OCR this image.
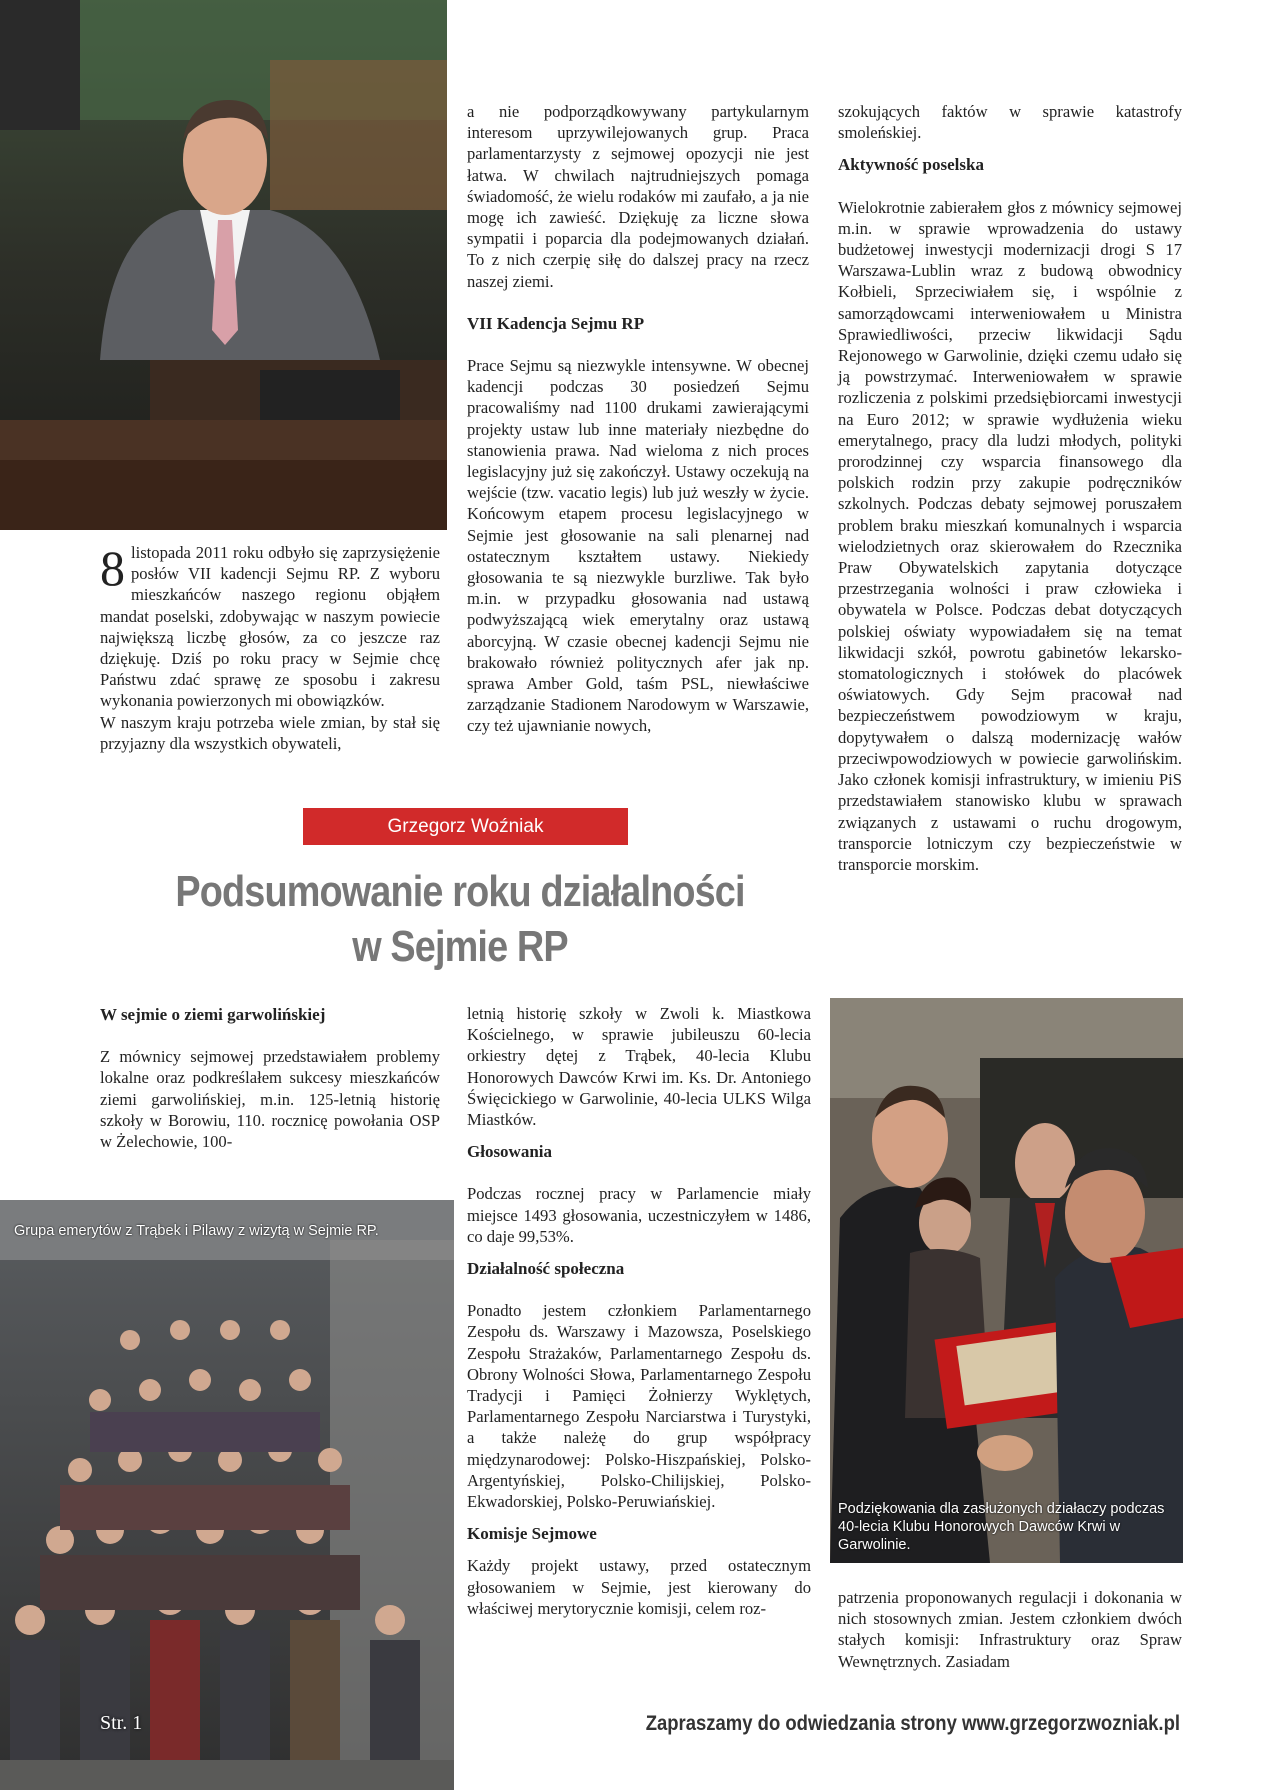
8 listopada 2011 roku odbyło się zaprzysiężenie posłów VII kadencji Sejmu RP. Z wyboru mieszkańców naszego regionu objąłem mandat poselski, zdobywając w naszym powiecie największą liczbę głosów, za co jeszcze raz dziękuję. Dziś po roku pracy w Sejmie chcę Państwu zdać sprawę ze sposobu i zakresu wykonania powierzonych mi obowiązków.

W naszym kraju potrzeba wiele zmian, by stał się przyjazny dla wszystkich obywateli,

a nie podporządkowywany partykularnym interesom uprzywilejowanych grup. Praca parlamentarzysty z sejmowej opozycji nie jest łatwa. W chwilach najtrudniejszych pomaga świadomość, że wielu rodaków mi zaufało, a ja nie mogę ich zawieść. Dziękuję za liczne słowa sympatii i poparcia dla podejmowanych działań. To z nich czerpię siłę do dalszej pracy na rzecz naszej ziemi.

VII Kadencja Sejmu RP

Prace Sejmu są niezwykle intensywne. W obecnej kadencji podczas 30 posiedzeń Sejmu pracowaliśmy nad 1100 drukami zawierającymi projekty ustaw lub inne materiały niezbędne do stanowienia prawa. Nad wieloma z nich proces legislacyjny już się zakończył. Ustawy oczekują na wejście (tzw. vacatio legis) lub już weszły w życie. Końcowym etapem procesu legislacyjnego w Sejmie jest głosowanie na sali plenarnej nad ostatecznym kształtem ustawy. Niekiedy głosowania te są niezwykle burzliwe. Tak było m.in. w przypadku głosowania nad ustawą podwyższającą wiek emerytalny oraz ustawą aborcyjną. W czasie obecnej kadencji Sejmu nie brakowało również politycznych afer jak np. sprawa Amber Gold, taśm PSL, niewłaściwe zarządzanie Stadionem Narodowym w Warszawie, czy też ujawnianie nowych,

szokujących faktów w sprawie katastrofy smoleńskiej.

Aktywność poselska

Wielokrotnie zabierałem głos z mównicy sejmowej m.in. w sprawie wprowadzenia do ustawy budżetowej inwestycji modernizacji drogi S 17 Warszawa-Lublin wraz z budową obwodnicy Kołbieli, Sprzeciwiałem się, i wspólnie z samorządowcami interweniowałem u Ministra Sprawiedliwości, przeciw likwidacji Sądu Rejonowego w Garwolinie, dzięki czemu udało się ją powstrzymać. Interweniowałem w sprawie rozliczenia z polskimi przedsiębiorcami inwestycji na Euro 2012; w sprawie wydłużenia wieku emerytalnego, pracy dla ludzi młodych, polityki prorodzinnej czy wsparcia finansowego dla polskich rodzin przy zakupie podręczników szkolnych. Podczas debaty sejmowej poruszałem problem braku mieszkań komunalnych i wsparcia wielodzietnych oraz skierowałem do Rzecznika Praw Obywatelskich zapytania dotyczące przestrzegania wolności i praw człowieka i obywatela w Polsce. Podczas debat dotyczących polskiej oświaty wypowiadałem się na temat likwidacji szkół, powrotu gabinetów lekarsko-stomatologicznych i stołówek do placówek oświatowych. Gdy Sejm pracował nad bezpieczeństwem powodziowym w kraju, dopytywałem o dalszą modernizację wałów przeciwpowodziowych w powiecie garwolińskim. Jako członek komisji infrastruktury, w imieniu PiS przedstawiałem stanowisko klubu w sprawach związanych z ustawami o ruchu drogowym, transporcie lotniczym czy bezpieczeństwie w transporcie morskim.

Grzegorz Woźniak
Podsumowanie roku działalności
w Sejmie RP
W sejmie o ziemi garwolińskiej

Z mównicy sejmowej przedstawiałem problemy lokalne oraz podkreślałem sukcesy mieszkańców ziemi garwolińskiej, m.in. 125-letnią historię szkoły w Borowiu, 110. rocznicę powołania OSP w Żelechowie, 100-

letnią historię szkoły w Zwoli k. Miastkowa Kościelnego, w sprawie jubileuszu 60-lecia orkiestry dętej z Trąbek, 40-lecia Klubu Honorowych Dawców Krwi im. Ks. Dr. Antoniego Święcickiego w Garwolinie, 40-lecia ULKS Wilga Miastków.

Głosowania

Podczas rocznej pracy w Parlamencie miały miejsce 1493 głosowania, uczestniczyłem w 1486, co daje 99,53%.

Działalność społeczna

Ponadto jestem członkiem Parlamentarnego Zespołu ds. Warszawy i Mazowsza, Poselskiego Zespołu Strażaków, Parlamentarnego Zespołu ds. Obrony Wolności Słowa, Parlamentarnego Zespołu Tradycji i Pamięci Żołnierzy Wyklętych, Parlamentarnego Zespołu Narciarstwa i Turystyki, a także należę do grup współpracy międzynarodowej: Polsko-Hiszpańskiej, Polsko-Argentyńskiej, Polsko-Chilijskiej, Polsko-Ekwadorskiej, Polsko-Peruwiańskiej.

Komisje Sejmowe

Każdy projekt ustawy, przed ostatecznym głosowaniem w Sejmie, jest kierowany do właściwej merytorycznie komisji, celem roz-

patrzenia proponowanych regulacji i dokonania w nich stosownych zmian. Jestem członkiem dwóch stałych komisji: Infrastruktury oraz Spraw Wewnętrznych. Zasiadam

Grupa emerytów z Trąbek i Pilawy z wizytą w Sejmie RP.
Str. 1
Podziękowania dla zasłużonych działaczy podczas 40-lecia Klubu Honorowych Dawców Krwi w Garwolinie.
Zapraszamy do odwiedzania strony www.grzegorzwozniak.pl
